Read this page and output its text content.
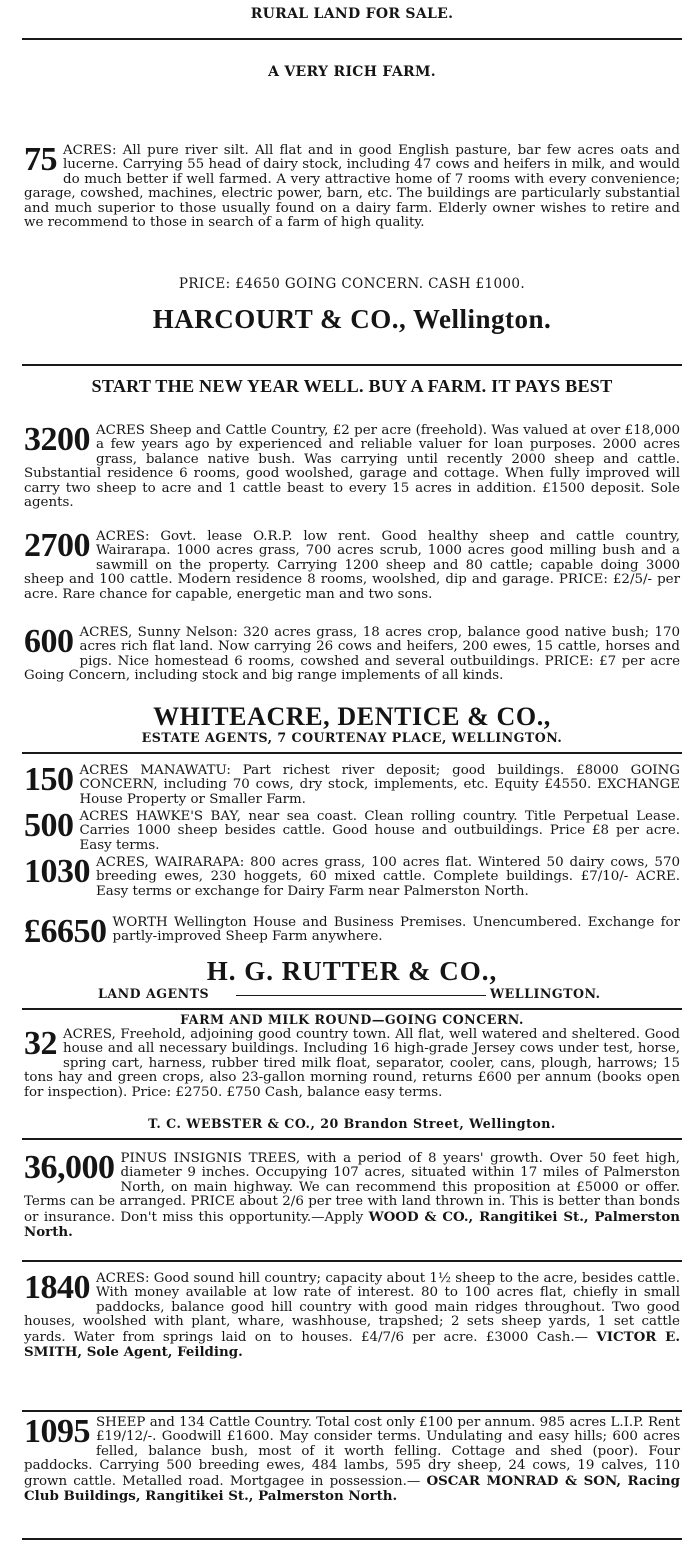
RURAL LAND FOR SALE.
A VERY RICH FARM.
75 ACRES: All pure river silt. All flat and in good English pasture, bar few acres oats and lucerne. Carrying 55 head of dairy stock, including 47 cows and heifers in milk, and would do much better if well farmed. A very attractive home of 7 rooms with every convenience; garage, cowshed, machines, electric power, barn, etc. The buildings are particularly substantial and much superior to those usually found on a dairy farm. Elderly owner wishes to retire and we recommend to those in search of a farm of high quality.
PRICE: £4650 GOING CONCERN. CASH £1000.
HARCOURT & CO., Wellington.
START THE NEW YEAR WELL. BUY A FARM. IT PAYS BEST
3200 ACRES Sheep and Cattle Country, £2 per acre (freehold). Was valued at over £18,000 a few years ago by experienced and reliable valuer for loan purposes. 2000 acres grass, balance native bush. Was carrying until recently 2000 sheep and cattle. Substantial residence 6 rooms, good woolshed, garage and cottage. When fully improved will carry two sheep to acre and 1 cattle beast to every 15 acres in addition. £1500 deposit. Sole agents.
2700 ACRES: Govt. lease O.R.P. low rent. Good healthy sheep and cattle country, Wairarapa. 1000 acres grass, 700 acres scrub, 1000 acres good milling bush and a sawmill on the property. Carrying 1200 sheep and 80 cattle; capable doing 3000 sheep and 100 cattle. Modern residence 8 rooms, woolshed, dip and garage. PRICE: £2/5/- per acre. Rare chance for capable, energetic man and two sons.
600 ACRES, Sunny Nelson: 320 acres grass, 18 acres crop, balance good native bush; 170 acres rich flat land. Now carrying 26 cows and heifers, 200 ewes, 15 cattle, horses and pigs. Nice homestead 6 rooms, cowshed and several outbuildings. PRICE: £7 per acre Going Concern, including stock and big range implements of all kinds.
WHITEACRE, DENTICE & CO.,
ESTATE AGENTS, 7 COURTENAY PLACE, WELLINGTON.
150 ACRES MANAWATU: Part richest river deposit; good buildings. £8000 GOING CONCERN, including 70 cows, dry stock, implements, etc. Equity £4550. EXCHANGE House Property or Smaller Farm.
500 ACRES HAWKE'S BAY, near sea coast. Clean rolling country. Title Perpetual Lease. Carries 1000 sheep besides cattle. Good house and outbuildings. Price £8 per acre. Easy terms.
1030 ACRES, WAIRARAPA: 800 acres grass, 100 acres flat. Wintered 50 dairy cows, 570 breeding ewes, 230 hoggets, 60 mixed cattle. Complete buildings. £7/10/- ACRE. Easy terms or exchange for Dairy Farm near Palmerston North.
£6650 WORTH Wellington House and Business Premises. Unencumbered. Exchange for partly-improved Sheep Farm anywhere.
H. G. RUTTER & CO.,
LAND AGENTS	WELLINGTON.
FARM AND MILK ROUND—GOING CONCERN.
32 ACRES, Freehold, adjoining good country town. All flat, well watered and sheltered. Good house and all necessary buildings. Including 16 high-grade Jersey cows under test, horse, spring cart, harness, rubber tired milk float, separator, cooler, cans, plough, harrows; 15 tons hay and green crops, also 23-gallon morning round, returns £600 per annum (books open for inspection). Price: £2750. £750 Cash, balance easy terms.
T. C. WEBSTER & CO., 20 Brandon Street, Wellington.
36,000 PINUS INSIGNIS TREES, with a period of 8 years' growth. Over 50 feet high, diameter 9 inches. Occupying 107 acres, situated within 17 miles of Palmerston North, on main highway. We can recommend this proposition at £5000 or offer. Terms can be arranged. PRICE about 2/6 per tree with land thrown in. This is better than bonds or insurance. Don't miss this opportunity.—Apply WOOD & CO., Rangitikei St., Palmerston North.
1840 ACRES: Good sound hill country; capacity about 1½ sheep to the acre, besides cattle. With money available at low rate of interest. 80 to 100 acres flat, chiefly in small paddocks, balance good hill country with good main ridges throughout. Two good houses, woolshed with plant, whare, washhouse, trapshed; 2 sets sheep yards, 1 set cattle yards. Water from springs laid on to houses. £4/7/6 per acre. £3000 Cash.— VICTOR E. SMITH, Sole Agent, Feilding.
1095 SHEEP and 134 Cattle Country. Total cost only £100 per annum. 985 acres L.I.P. Rent £19/12/-. Goodwill £1600. May consider terms. Undulating and easy hills; 600 acres felled, balance bush, most of it worth felling. Cottage and shed (poor). Four paddocks. Carrying 500 breeding ewes, 484 lambs, 595 dry sheep, 24 cows, 19 calves, 110 grown cattle. Metalled road. Mortgagee in possession.— OSCAR MONRAD & SON, Racing Club Buildings, Rangitikei St., Palmerston North.
